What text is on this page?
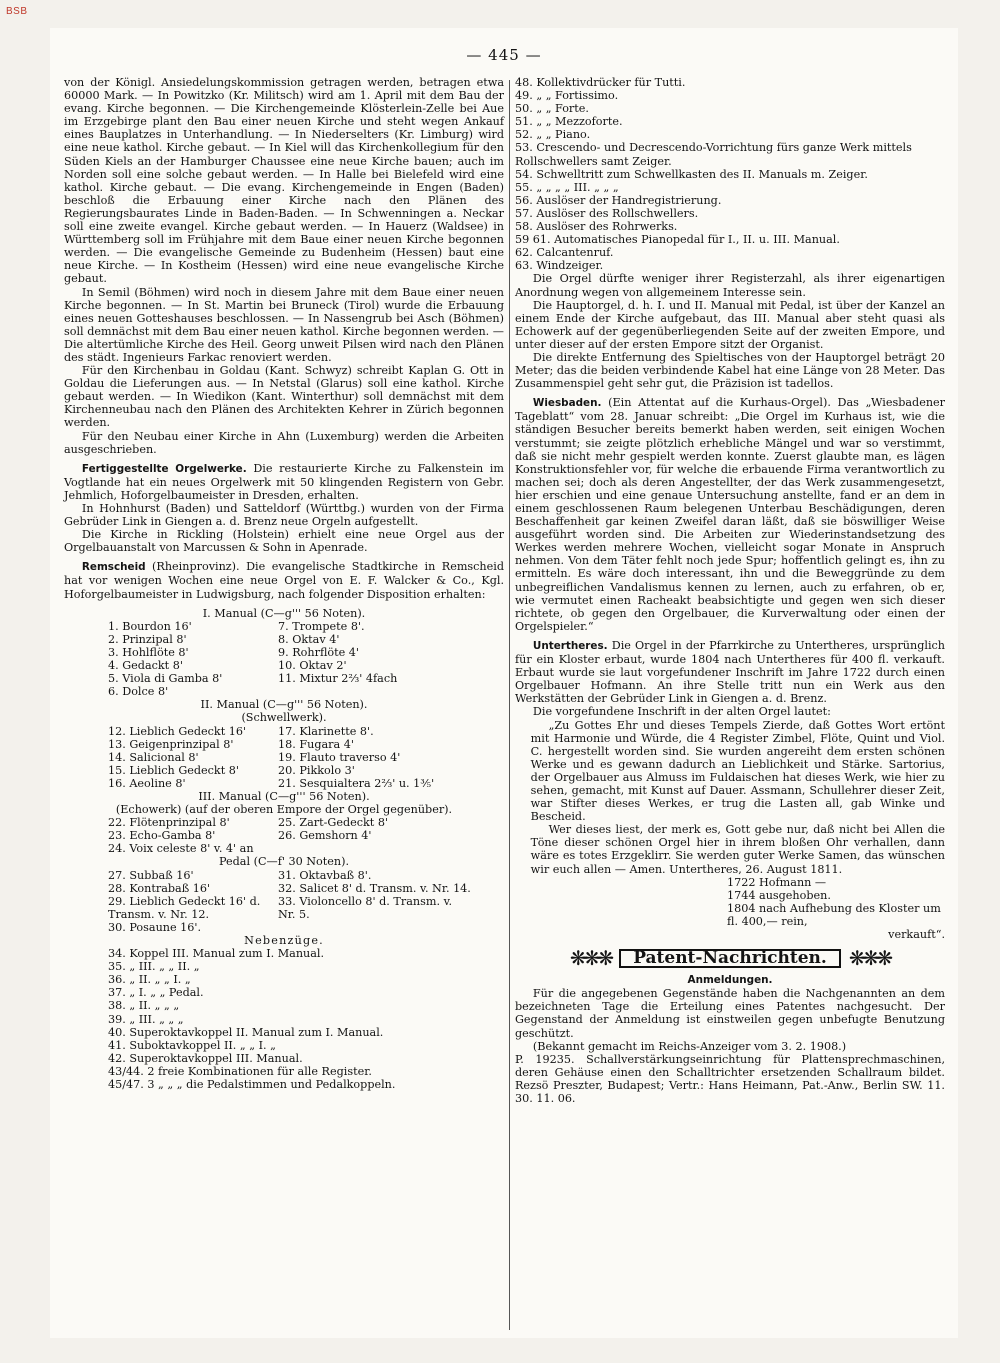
BSB
— 445 —

von der Königl. Ansiedelungskommission getragen werden, betragen etwa 60000 Mark. — In Powitzko (Kr. Militsch) wird am 1. April mit dem Bau der evang. Kirche begonnen. — Die Kirchengemeinde Klösterlein-Zelle bei Aue im Erzgebirge plant den Bau einer neuen Kirche und steht wegen Ankauf eines Bauplatzes in Unterhandlung. — In Niederselters (Kr. Limburg) wird eine neue kathol. Kirche gebaut. — In Kiel will das Kirchenkollegium für den Süden Kiels an der Hamburger Chaussee eine neue Kirche bauen; auch im Norden soll eine solche gebaut werden. — In Halle bei Bielefeld wird eine kathol. Kirche gebaut. — Die evang. Kirchengemeinde in Engen (Baden) beschloß die Erbauung einer Kirche nach den Plänen des Regierungsbaurates Linde in Baden-Baden. — In Schwenningen a. Neckar soll eine zweite evangel. Kirche gebaut werden. — In Hauerz (Waldsee) in Württemberg soll im Frühjahre mit dem Baue einer neuen Kirche begonnen werden. — Die evangelische Gemeinde zu Budenheim (Hessen) baut eine neue Kirche. — In Kostheim (Hessen) wird eine neue evangelische Kirche gebaut.

In Semil (Böhmen) wird noch in diesem Jahre mit dem Baue einer neuen Kirche begonnen. — In St. Martin bei Bruneck (Tirol) wurde die Erbauung eines neuen Gotteshauses beschlossen. — In Nassengrub bei Asch (Böhmen) soll demnächst mit dem Bau einer neuen kathol. Kirche begonnen werden. — Die altertümliche Kirche des Heil. Georg unweit Pilsen wird nach den Plänen des städt. Ingenieurs Farkac renoviert werden.

Für den Kirchenbau in Goldau (Kant. Schwyz) schreibt Kaplan G. Ott in Goldau die Lieferungen aus. — In Netstal (Glarus) soll eine kathol. Kirche gebaut werden. — In Wiedikon (Kant. Winterthur) soll demnächst mit dem Kirchenneubau nach den Plänen des Architekten Kehrer in Zürich begonnen werden.

Für den Neubau einer Kirche in Ahn (Luxemburg) werden die Arbeiten ausgeschrieben.

Fertiggestellte Orgelwerke. Die restaurierte Kirche zu Falkenstein im Vogtlande hat ein neues Orgelwerk mit 50 klingenden Registern von Gebr. Jehmlich, Hoforgelbaumeister in Dresden, erhalten.

In Hohnhurst (Baden) und Satteldorf (Württbg.) wurden von der Firma Gebrüder Link in Giengen a. d. Brenz neue Orgeln aufgestellt.

Die Kirche in Rickling (Holstein) erhielt eine neue Orgel aus der Orgelbauanstalt von Marcussen & Sohn in Apenrade.

Remscheid (Rheinprovinz). Die evangelische Stadtkirche in Remscheid hat vor wenigen Wochen eine neue Orgel von E. F. Walcker & Co., Kgl. Hoforgelbaumeister in Ludwigsburg, nach folgender Disposition erhalten:

I. Manual (C—g''' 56 Noten).

1. Bourdon 16'	7. Trompete 8'.
2. Prinzipal 8'	8. Oktav 4'
3. Hohlflöte 8'	9. Rohrflöte 4'
4. Gedackt 8'	10. Oktav 2'
5. Viola di Gamba 8'	11. Mixtur 2⅔' 4fach
6. Dolce 8'

II. Manual (C—g''' 56 Noten).

(Schwellwerk).

12. Lieblich Gedeckt 16'	17. Klarinette 8'.
13. Geigenprinzipal 8'	18. Fugara 4'
14. Salicional 8'	19. Flauto traverso 4'
15. Lieblich Gedeckt 8'	20. Pikkolo 3'
16. Aeoline 8'	21. Sesquialtera 2⅔' u. 1⅗'

III. Manual (C—g''' 56 Noten).

(Echowerk) (auf der oberen Empore der Orgel gegenüber).

22. Flötenprinzipal 8'	25. Zart-Gedeckt 8'
23. Echo-Gamba 8'	26. Gemshorn 4'
24. Voix celeste 8' v. 4' an

Pedal (C—f' 30 Noten).

27. Subbaß 16'	31. Oktavbaß 8'.
28. Kontrabaß 16'	32. Salicet 8' d. Transm. v. Nr. 14.
29. Lieblich Gedeckt 16' d.	33. Violoncello 8' d. Transm. v.
Transm. v. Nr. 12.	Nr. 5.
30. Posaune 16'.

Nebenzüge.

34. Koppel III. Manual zum I. Manual.
35. „ III. „ „ II. „
36. „ II. „ „ I. „
37. „ I. „ „ Pedal.
38. „ II. „ „ „
39. „ III. „ „ „
40. Superoktavkoppel II. Manual zum I. Manual.
41. Suboktavkoppel II. „ „ I. „
42. Superoktavkoppel III. Manual.
43/44. 2 freie Kombinationen für alle Register.
45/47. 3 „ „ „ die Pedalstimmen und Pedalkoppeln.
48. Kollektivdrücker für Tutti.
49. „ „ Fortissimo.
50. „ „ Forte.
51. „ „ Mezzoforte.
52. „ „ Piano.
53. Crescendo- und Decrescendo-Vorrichtung fürs ganze Werk mittels Rollschwellers samt Zeiger.
54. Schwelltritt zum Schwellkasten des II. Manuals m. Zeiger.
55. „ „ „ „ III. „ „ „
56. Auslöser der Handregistrierung.
57. Auslöser des Rollschwellers.
58. Auslöser des Rohrwerks.
59 61. Automatisches Pianopedal für I., II. u. III. Manual.
62. Calcantenruf.
63. Windzeiger.

Die Orgel dürfte weniger ihrer Registerzahl, als ihrer eigenartigen Anordnung wegen von allgemeinem Interesse sein.

Die Hauptorgel, d. h. I. und II. Manual mit Pedal, ist über der Kanzel an einem Ende der Kirche aufgebaut, das III. Manual aber steht quasi als Echowerk auf der gegenüberliegenden Seite auf der zweiten Empore, und unter dieser auf der ersten Empore sitzt der Organist.

Die direkte Entfernung des Spieltisches von der Hauptorgel beträgt 20 Meter; das die beiden verbindende Kabel hat eine Länge von 28 Meter. Das Zusammenspiel geht sehr gut, die Präzision ist tadellos.

Wiesbaden. (Ein Attentat auf die Kurhaus-Orgel). Das „Wiesbadener Tageblatt“ vom 28. Januar schreibt: „Die Orgel im Kurhaus ist, wie die ständigen Besucher bereits bemerkt haben werden, seit einigen Wochen verstummt; sie zeigte plötzlich erhebliche Mängel und war so verstimmt, daß sie nicht mehr gespielt werden konnte. Zuerst glaubte man, es lägen Konstruktionsfehler vor, für welche die erbauende Firma verantwortlich zu machen sei; doch als deren Angestellter, der das Werk zusammengesetzt, hier erschien und eine genaue Untersuchung anstellte, fand er an dem in einem geschlossenen Raum belegenen Unterbau Beschädigungen, deren Beschaffenheit gar keinen Zweifel daran läßt, daß sie böswilliger Weise ausgeführt worden sind. Die Arbeiten zur Wiederinstandsetzung des Werkes werden mehrere Wochen, vielleicht sogar Monate in Anspruch nehmen. Von dem Täter fehlt noch jede Spur; hoffentlich gelingt es, ihn zu ermitteln. Es wäre doch interessant, ihn und die Beweggründe zu dem unbegreiflichen Vandalismus kennen zu lernen, auch zu erfahren, ob er, wie vermutet einen Racheakt beabsichtigte und gegen wen sich dieser richtete, ob gegen den Orgelbauer, die Kurverwaltung oder einen der Orgelspieler.“

Untertheres. Die Orgel in der Pfarrkirche zu Untertheres, ursprünglich für ein Kloster erbaut, wurde 1804 nach Untertheres für 400 fl. verkauft. Erbaut wurde sie laut vorgefundener Inschrift im Jahre 1722 durch einen Orgelbauer Hofmann. An ihre Stelle tritt nun ein Werk aus den Werkstätten der Gebrüder Link in Giengen a. d. Brenz.

Die vorgefundene Inschrift in der alten Orgel lautet:

„Zu Gottes Ehr und dieses Tempels Zierde, daß Gottes Wort ertönt mit Harmonie und Würde, die 4 Register Zimbel, Flöte, Quint und Viol. C. hergestellt worden sind. Sie wurden angereiht dem ersten schönen Werke und es gewann dadurch an Lieblichkeit und Stärke. Sartorius, der Orgelbauer aus Almuss im Fuldaischen hat dieses Werk, wie hier zu sehen, gemacht, mit Kunst auf Dauer. Assmann, Schullehrer dieser Zeit, war Stifter dieses Werkes, er trug die Lasten all, gab Winke und Bescheid.

Wer dieses liest, der merk es, Gott gebe nur, daß nicht bei Allen die Töne dieser schönen Orgel hier in ihrem bloßen Ohr verhallen, dann wäre es totes Erzgeklirr. Sie werden guter Werke Samen, das wünschen wir euch allen — Amen. Untertheres, 26. August 1811.

1722 Hofmann —
1744 ausgehoben.
1804 nach Aufhebung des Kloster um fl. 400,— rein,
verkauft“.
❋❋❋	Patent-Nachrichten.	❋❋❋

Anmeldungen.

Für die angegebenen Gegenstände haben die Nachgenannten an dem bezeichneten Tage die Erteilung eines Patentes nachgesucht. Der Gegenstand der Anmeldung ist einstweilen gegen unbefugte Benutzung geschützt.

(Bekannt gemacht im Reichs-Anzeiger vom 3. 2. 1908.)

P. 19235. Schallverstärkungseinrichtung für Plattensprechmaschinen, deren Gehäuse einen den Schalltrichter ersetzenden Schallraum bildet. Rezsö Preszter, Budapest; Vertr.: Hans Heimann, Pat.-Anw., Berlin SW. 11. 30. 11. 06.
